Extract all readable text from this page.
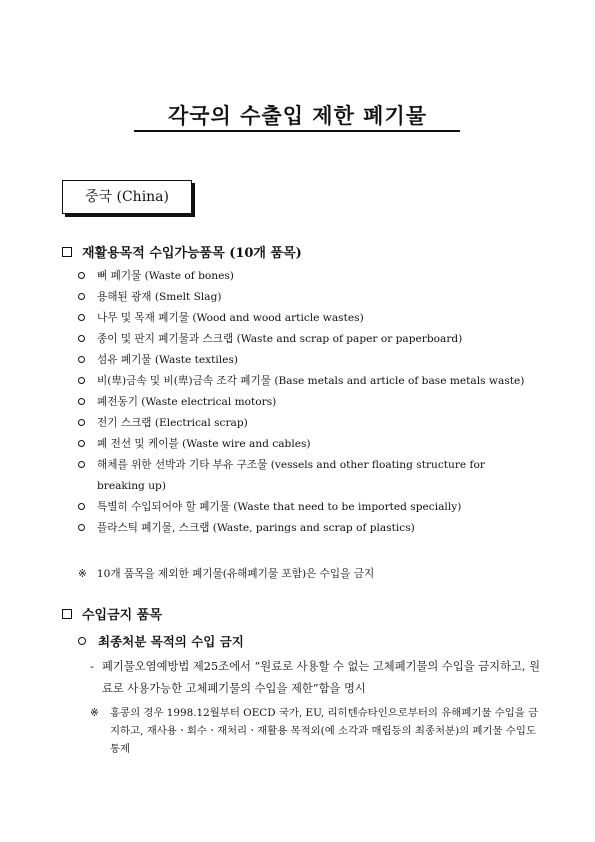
각국의 수출입 제한 폐기물
중국 (China)
재활용목적 수입가능품목 (10개 품목)
뼈 폐기물 (Waste of bones)
용해된 광재 (Smelt Slag)
나무 및 목재 폐기물 (Wood and wood article wastes)
종이 및 판지 폐기물과 스크랩 (Waste and scrap of paper or paperboard)
섬유 폐기물 (Waste textiles)
비(卑)금속 및 비(卑)금속 조각 폐기물 (Base metals and article of base metals waste)
폐전동기 (Waste electrical motors)
전기 스크랩 (Electrical scrap)
폐 전선 및 케이블 (Waste wire and cables)
해체를 위한 선박과 기타 부유 구조물 (vessels and other floating structure for breaking up)
특별히 수입되어야 할 폐기물 (Waste that need to be imported specially)
플라스틱 폐기물, 스크랩 (Waste, parings and scrap of plastics)
※ 10개 품목을 제외한 폐기물(유해폐기물 포함)은 수입을 금지
수입금지 품목
최종처분 목적의 수입 금지
- 폐기물오염예방법 제25조에서 “원료로 사용할 수 없는 고체폐기물의 수입을 금지하고, 원료로 사용가능한 고체폐기물의 수입을 제한”함을 명시
※	홍콩의 경우 1998.12월부터 OECD 국가, EU, 리히텐슈타인으로부터의 유해폐기물 수입을 금지하고, 재사용ㆍ회수ㆍ재처리ㆍ재활용 목적외(예 소각과 매립등의 최종처분)의 폐기물 수입도 통제
